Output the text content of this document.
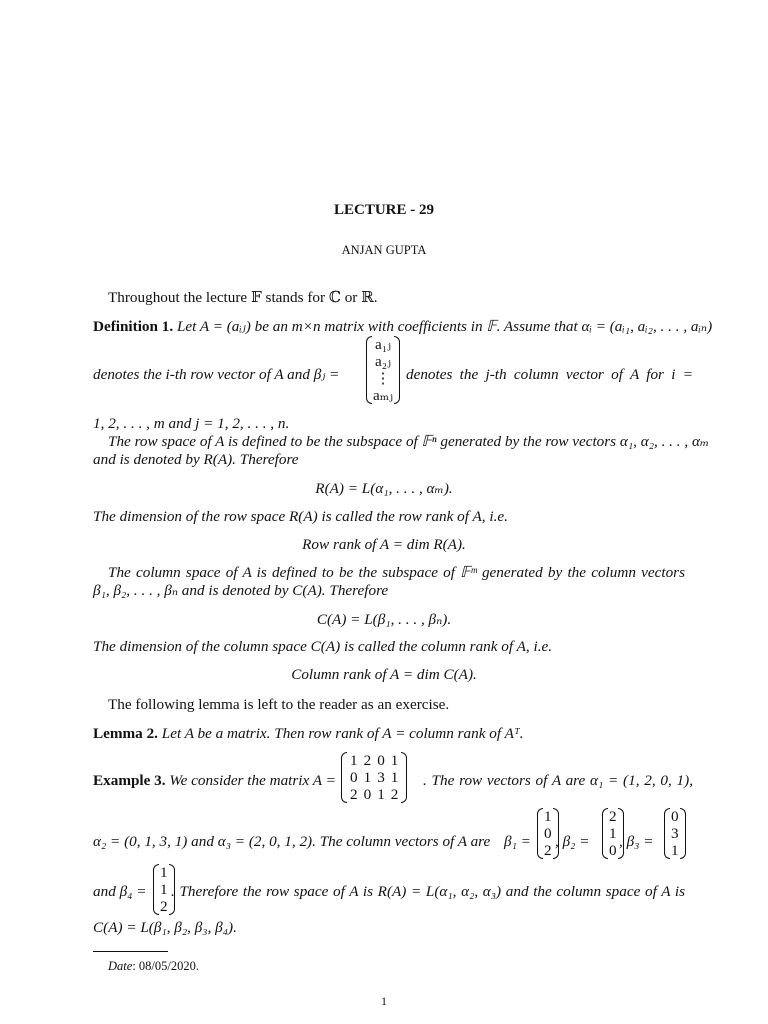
LECTURE - 29
ANJAN GUPTA
Throughout the lecture 𝔽 stands for ℂ or ℝ.
Definition 1. Let A = (aᵢⱼ) be an m×n matrix with coefficients in 𝔽. Assume that αᵢ = (aᵢ₁, aᵢ₂, . . . , aᵢₙ)
denotes the i-th row vector of A and βⱼ =
a₁ⱼ
a₂ⱼ
⋮
aₘⱼ
denotes the j-th column vector of A for i =
1, 2, . . . , m and j = 1, 2, . . . , n.
The row space of A is defined to be the subspace of 𝔽ⁿ generated by the row vectors α₁, α₂, . . . , αₘ
and is denoted by R(A). Therefore
R(A) = L(α₁, . . . , αₘ).
The dimension of the row space R(A) is called the row rank of A, i.e.
Row rank of A = dim R(A).
The column space of A is defined to be the subspace of 𝔽ᵐ generated by the column vectors
β₁, β₂, . . . , βₙ and is denoted by C(A). Therefore
C(A) = L(β₁, . . . , βₙ).
The dimension of the column space C(A) is called the column rank of A, i.e.
Column rank of A = dim C(A).
The following lemma is left to the reader as an exercise.
Lemma 2. Let A be a matrix. Then row rank of A = column rank of Aᵀ.
Example 3. We consider the matrix A =
1	2	0	1
0	1	3	1
2	0	1	2
. The row vectors of A are α₁ = (1, 2, 0, 1),
α₂ = (0, 1, 3, 1) and α₃ = (2, 0, 1, 2). The column vectors of A are β₁ =
1
0
2
, β₂ =
2
1
0
, β₃ =
0
3
1
and β₄ =
1
1
2
. Therefore the row space of A is R(A) = L(α₁, α₂, α₃) and the column space of A is
C(A) = L(β₁, β₂, β₃, β₄).
Date: 08/05/2020.
1
